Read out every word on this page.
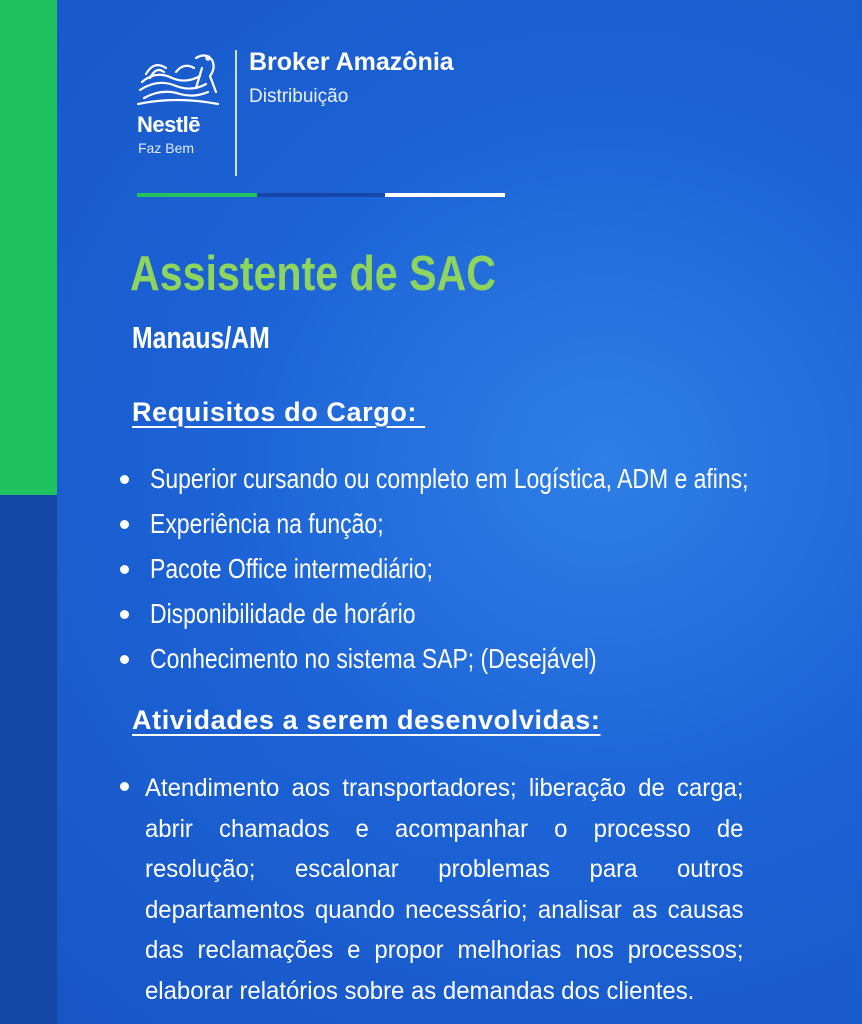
Nestlē
Faz Bem
Broker Amazônia
Distribuição
Assistente de SAC
Manaus/AM
Requisitos do Cargo:
Superior cursando ou completo em Logística, ADM e afins;
Experiência na função;
Pacote Office intermediário;
Disponibilidade de horário
Conhecimento no sistema SAP; (Desejável)
Atividades a serem desenvolvidas:
Atendimento aos transportadores; liberação de carga; abrir chamados e acompanhar o processo de resolução; escalonar problemas para outros departamentos quando necessário; analisar as causas das reclamações e propor melhorias nos processos; elaborar relatórios sobre as demandas dos clientes.
